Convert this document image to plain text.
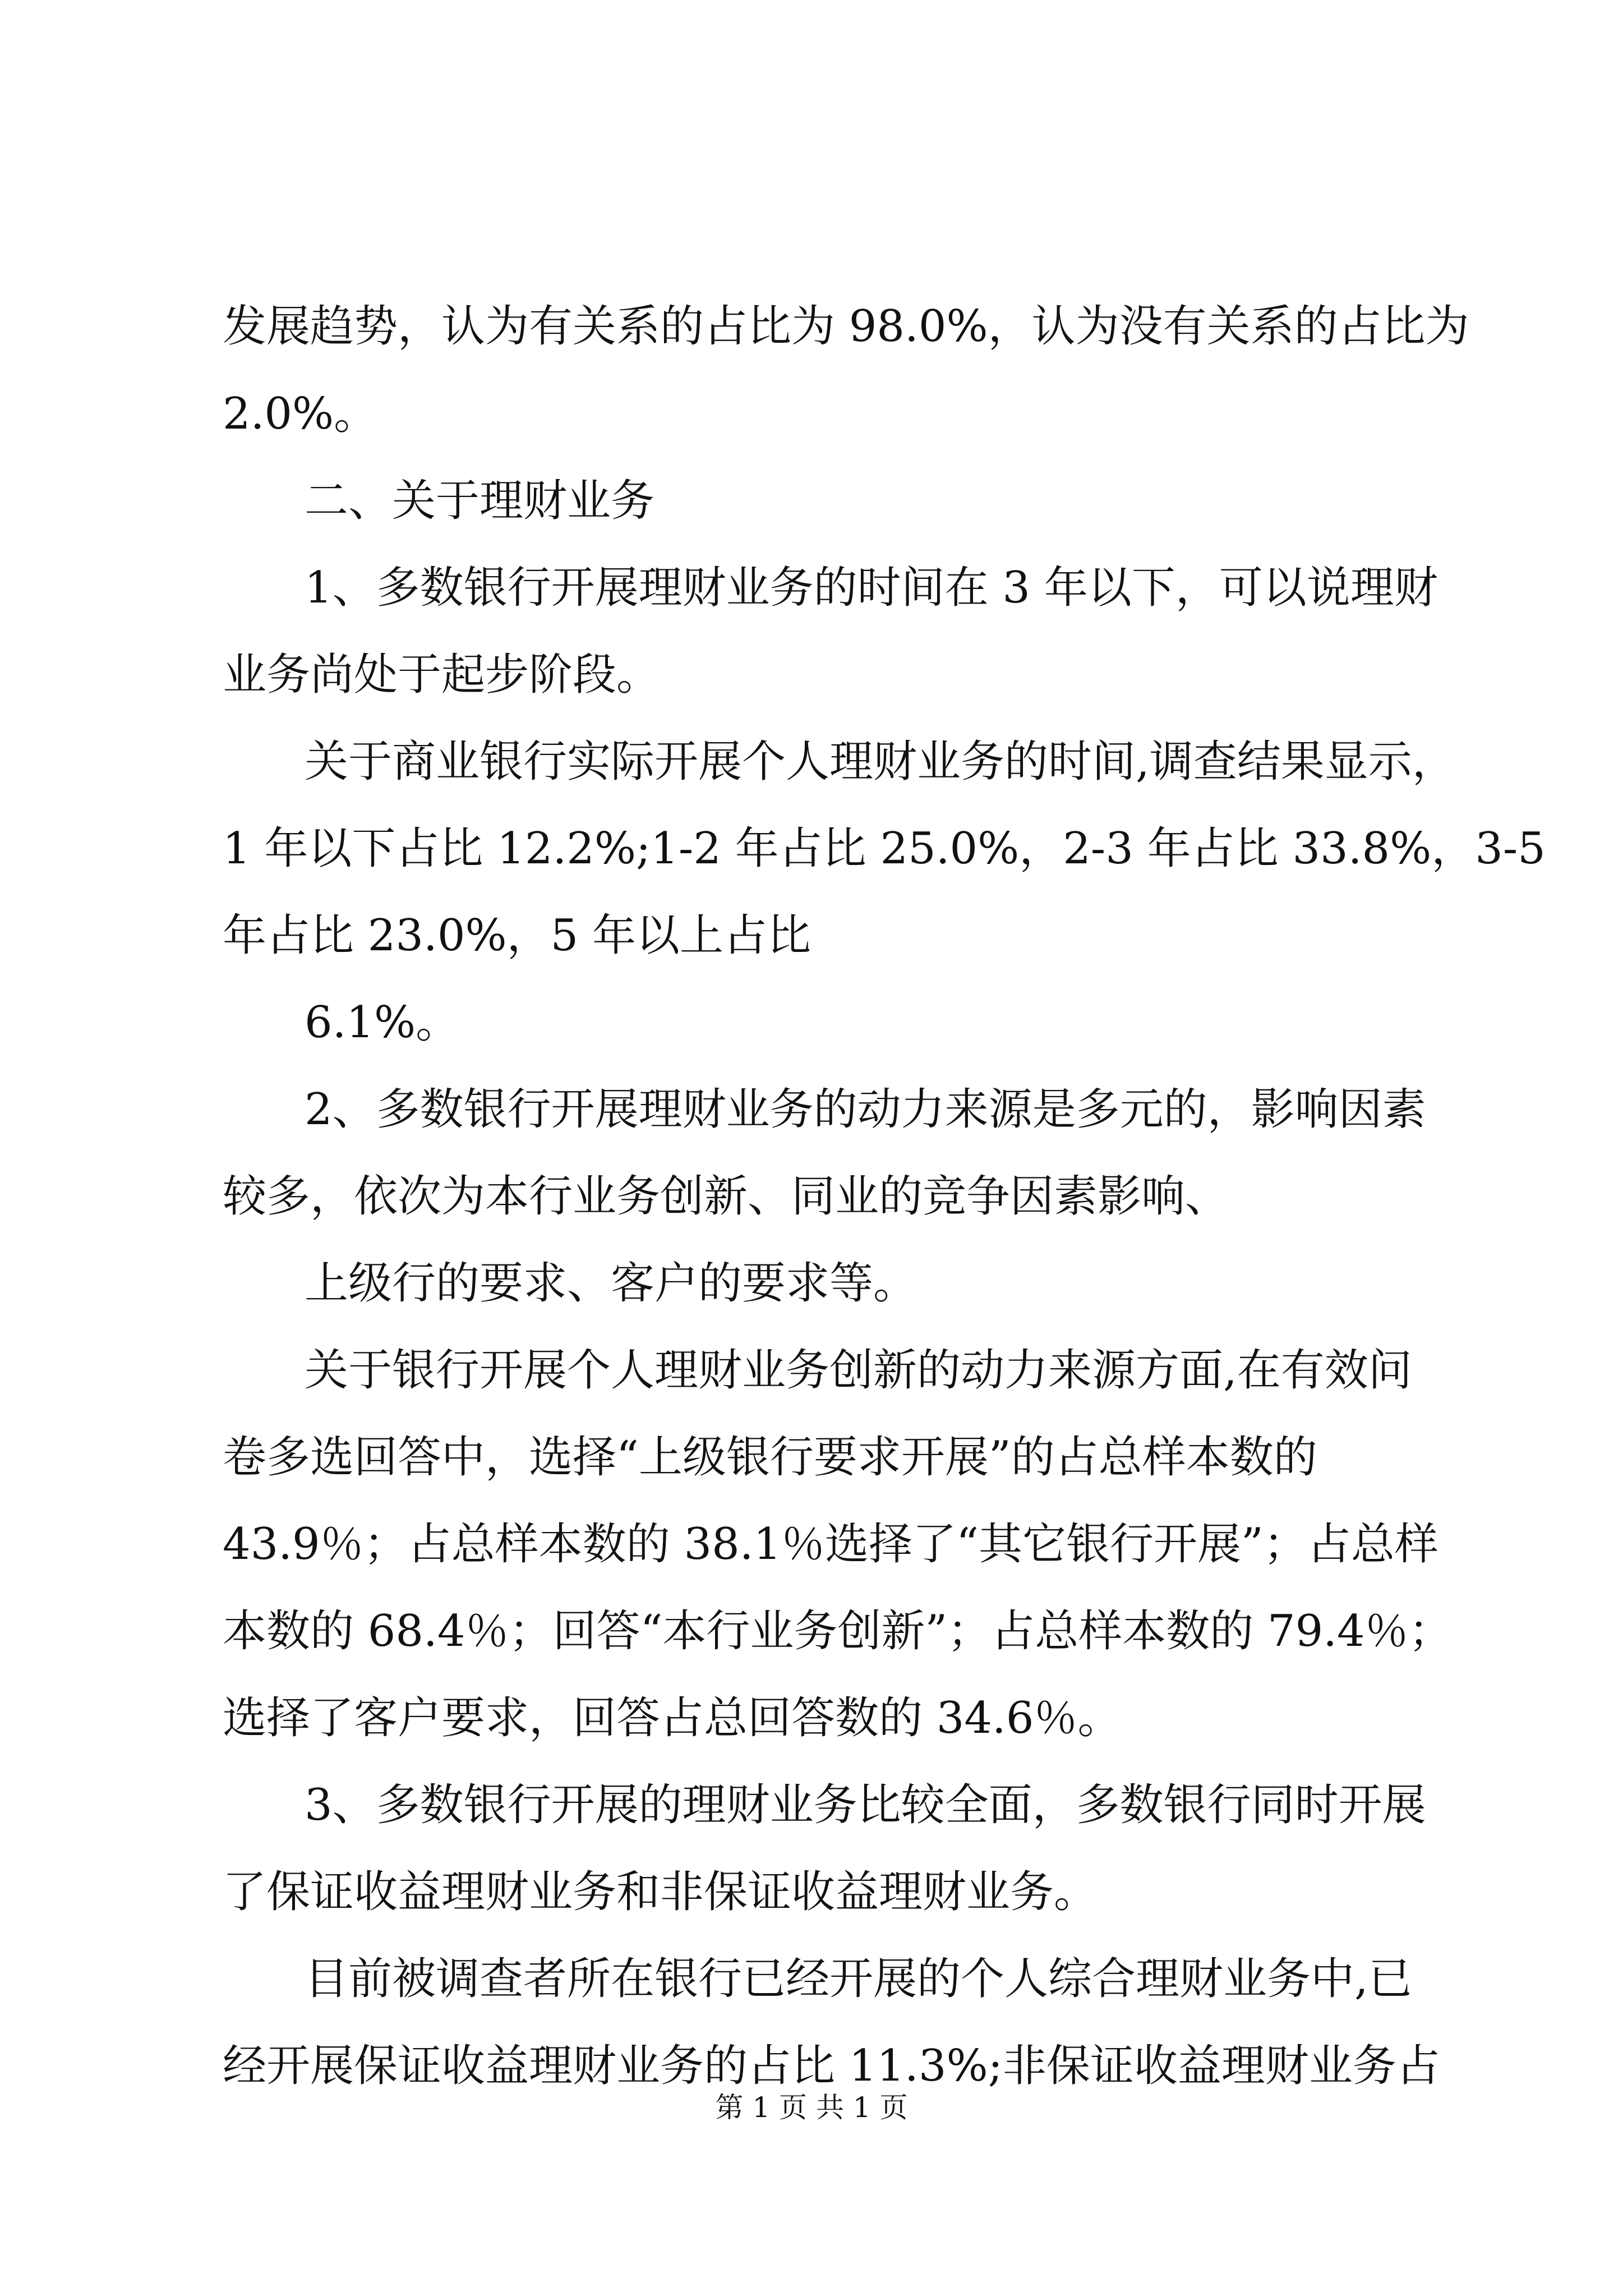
发展趋势，认为有关系的占比为 98.0%，认为没有关系的占比为
2.0%。
二、关于理财业务
1、多数银行开展理财业务的时间在 3 年以下，可以说理财
业务尚处于起步阶段。
关于商业银行实际开展个人理财业务的时间,调查结果显示，
1 年以下占比 12.2%;1-2 年占比 25.0%，2-3 年占比 33.8%，3-5
年占比 23.0%，5 年以上占比
6.1%。
2、多数银行开展理财业务的动力来源是多元的，影响因素
较多，依次为本行业务创新、同业的竞争因素影响、
上级行的要求、客户的要求等。
关于银行开展个人理财业务创新的动力来源方面,在有效问
卷多选回答中，选择“上级银行要求开展”的占总样本数的
43.9％；占总样本数的 38.1％选择了“其它银行开展”；占总样
本数的 68.4％；回答“本行业务创新”；占总样本数的 79.4％；
选择了客户要求，回答占总回答数的 34.6％。
3、多数银行开展的理财业务比较全面，多数银行同时开展
了保证收益理财业务和非保证收益理财业务。
目前被调查者所在银行已经开展的个人综合理财业务中,已
经开展保证收益理财业务的占比 11.3%;非保证收益理财业务占
第 1 页 共 1 页
